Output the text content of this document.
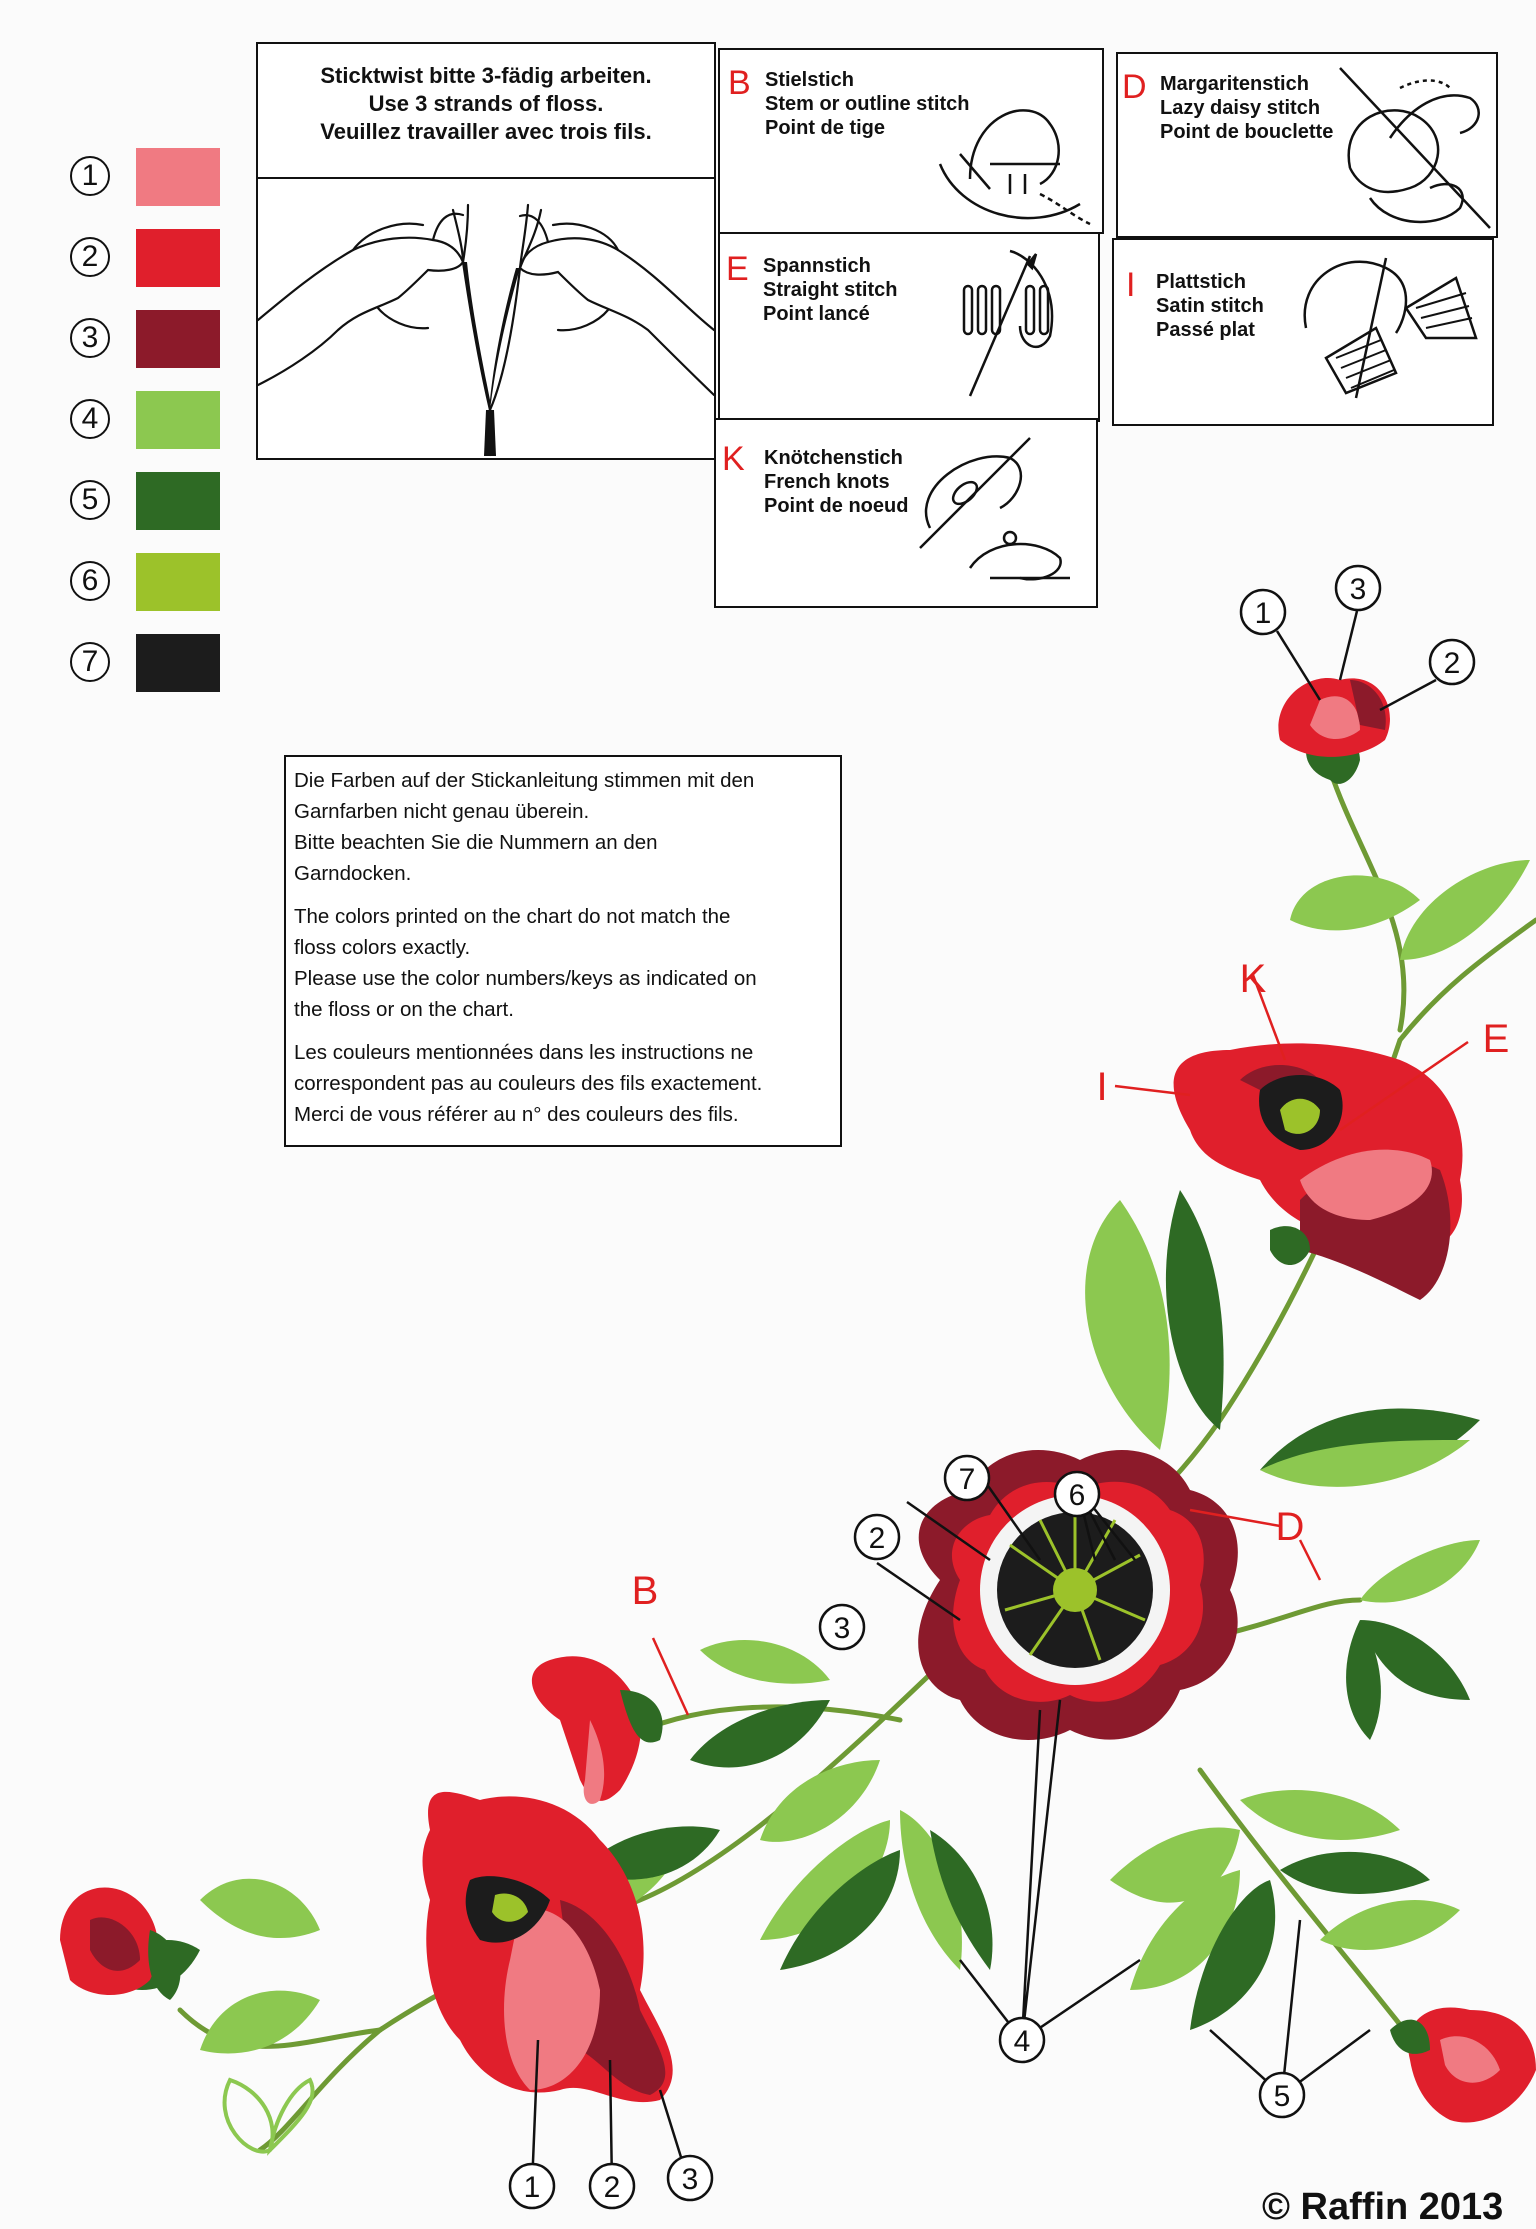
1
2
3
4
5
6
7
Sticktwist bitte 3-fädig arbeiten.
Use 3 strands of floss.
Veuillez travailler avec trois fils.
B Stielstich
Stem or outline stitch
Point de tige
D Margaritenstich
Lazy daisy stitch
Point de bouclette
E Spannstich
Straight stitch
Point lancé
I Plattstich
Satin stitch
Passé plat
K Knötchenstich
French knots
Point de noeud

Die Farben auf der Stickanleitung stimmen mit den
Garnfarben nicht genau überein.
Bitte beachten Sie die Nummern an den
Garndocken.

The colors printed on the chart do not match the
floss colors exactly.
Please use the color numbers/keys as indicated on
the floss or on the chart.

Les couleurs mentionnées dans les instructions ne
correspondent pas au couleurs des fils exactement.
Merci de vous référer au n° des couleurs des fils.

1
3
2
2
7	6
3
4
5
1 2 3
K
E
I
D
B
© Raffin 2013
